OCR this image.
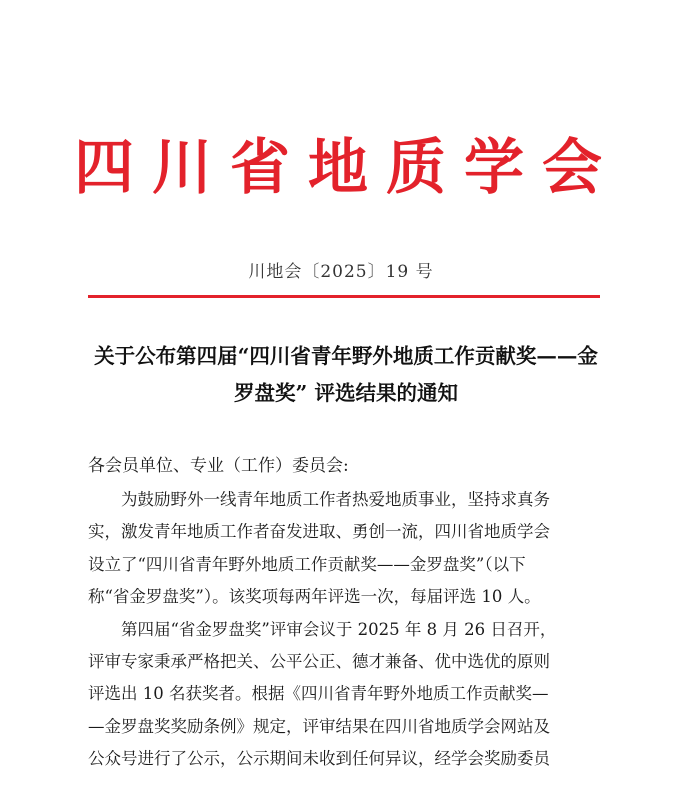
四川省地质学会
川地会〔2025〕19 号
关于公布第四届“四川省青年野外地质工作贡献奖——金
罗盘奖” 评选结果的通知
各会员单位、专业（工作）委员会:
为鼓励野外一线青年地质工作者热爱地质事业，坚持求真务
实，激发青年地质工作者奋发进取、勇创一流，四川省地质学会
设立了“四川省青年野外地质工作贡献奖——金罗盘奖”（以下
称“省金罗盘奖”）。该奖项每两年评选一次，每届评选 10 人。
第四届“省金罗盘奖”评审会议于 2025 年 8 月 26 日召开，
评审专家秉承严格把关、公平公正、德才兼备、优中选优的原则
评选出 10 名获奖者。根据《四川省青年野外地质工作贡献奖—
—金罗盘奖奖励条例》规定，评审结果在四川省地质学会网站及
公众号进行了公示，公示期间未收到任何异议，经学会奖励委员
